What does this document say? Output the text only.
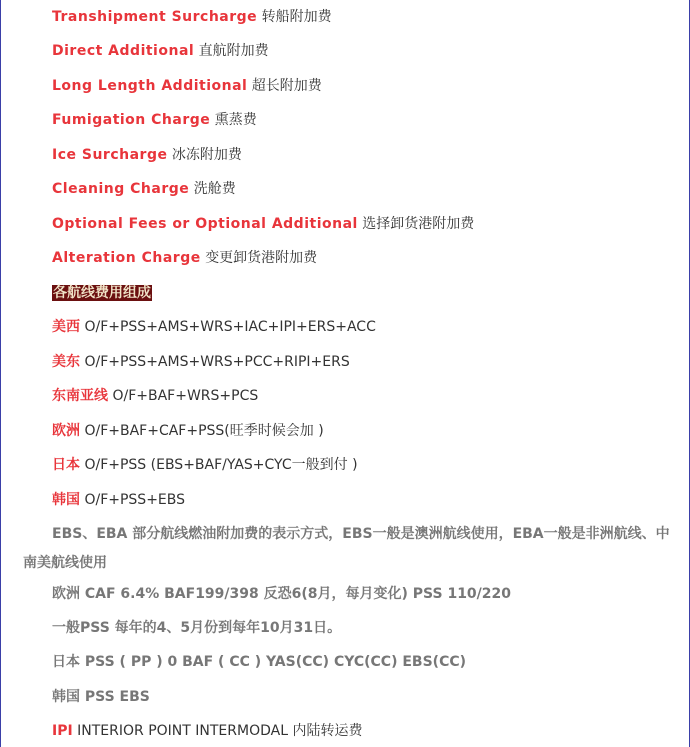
Transhipment Surcharge 转船附加费
Direct Additional 直航附加费
Long Length Additional 超长附加费
Fumigation Charge 熏蒸费
Ice Surcharge 冰冻附加费
Cleaning Charge 洗舱费
Optional Fees or Optional Additional 选择卸货港附加费
Alteration Charge 变更卸货港附加费
各航线费用组成
美西 O/F+PSS+AMS+WRS+IAC+IPI+ERS+ACC
美东 O/F+PSS+AMS+WRS+PCC+RIPI+ERS
东南亚线 O/F+BAF+WRS+PCS
欧洲 O/F+BAF+CAF+PSS(旺季时候会加 )
日本 O/F+PSS (EBS+BAF/YAS+CYC一般到付 )
韩国 O/F+PSS+EBS
EBS、EBA 部分航线燃油附加费的表示方式，EBS一般是澳洲航线使用，EBA一般是非洲航线、中南美航线使用
欧洲 CAF 6.4% BAF199/398 反恐6(8月，每月变化) PSS 110/220
一般PSS 每年的4、5月份到每年10月31日。
日本 PSS ( PP ) 0 BAF ( CC ) YAS(CC) CYC(CC) EBS(CC)
韩国 PSS EBS
IPI INTERIOR POINT INTERMODAL 内陆转运费
